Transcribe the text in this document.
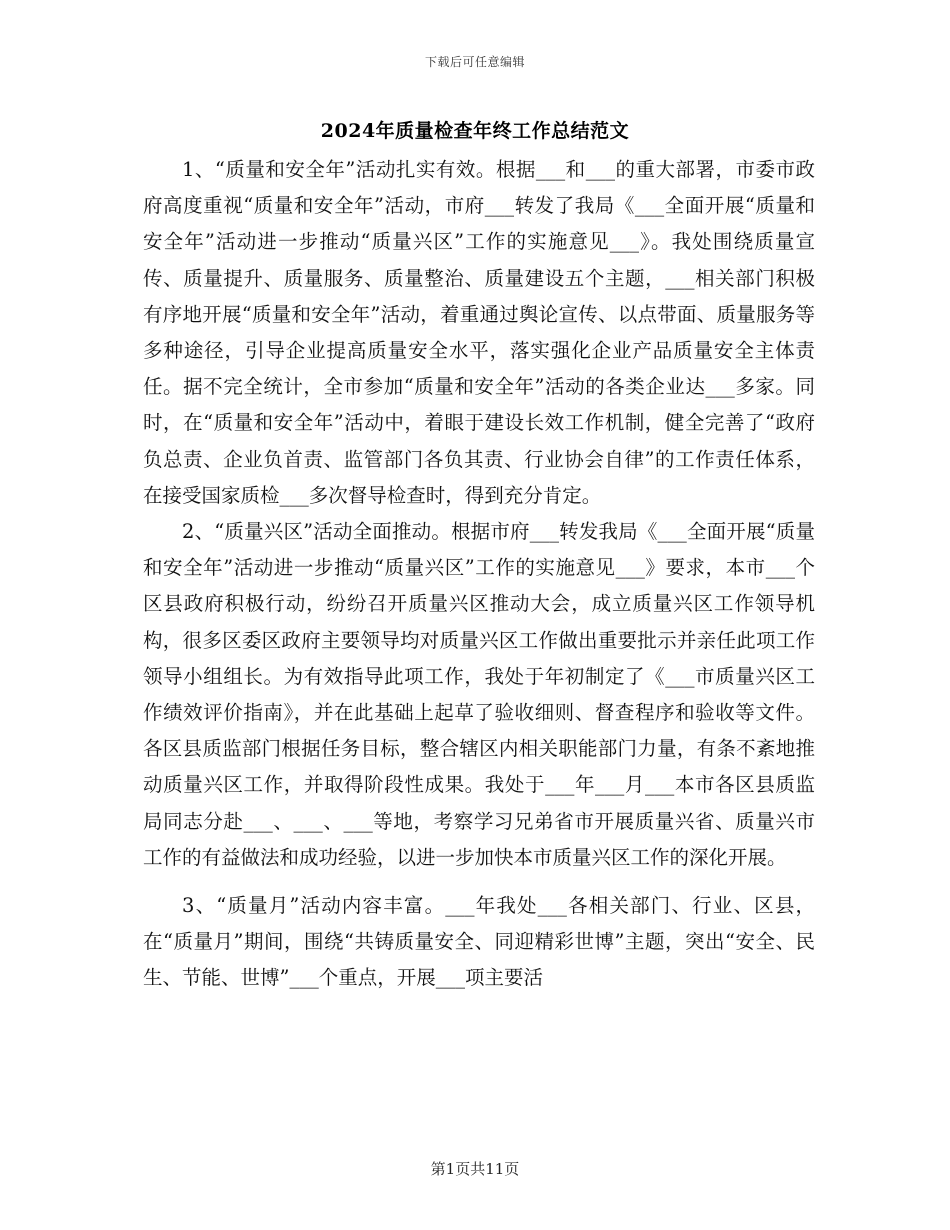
下载后可任意编辑
2024年质量检查年终工作总结范文

1、“质量和安全年”活动扎实有效。根据___和___的重大部署，市委市政府高度重视“质量和安全年”活动，市府___转发了我局《___全面开展“质量和安全年”活动进一步推动“质量兴区”工作的实施意见___》。我处围绕质量宣传、质量提升、质量服务、质量整治、质量建设五个主题，___相关部门积极有序地开展“质量和安全年”活动，着重通过舆论宣传、以点带面、质量服务等多种途径，引导企业提高质量安全水平，落实强化企业产品质量安全主体责任。据不完全统计，全市参加“质量和安全年”活动的各类企业达___多家。同时，在“质量和安全年”活动中，着眼于建设长效工作机制，健全完善了“政府负总责、企业负首责、监管部门各负其责、行业协会自律”的工作责任体系，在接受国家质检___多次督导检查时，得到充分肯定。

2、“质量兴区”活动全面推动。根据市府___转发我局《___全面开展“质量和安全年”活动进一步推动“质量兴区”工作的实施意见___》要求，本市___个区县政府积极行动，纷纷召开质量兴区推动大会，成立质量兴区工作领导机构，很多区委区政府主要领导均对质量兴区工作做出重要批示并亲任此项工作领导小组组长。为有效指导此项工作，我处于年初制定了《___市质量兴区工作绩效评价指南》，并在此基础上起草了验收细则、督查程序和验收等文件。各区县质监部门根据任务目标，整合辖区内相关职能部门力量，有条不紊地推动质量兴区工作，并取得阶段性成果。我处于___年___月___本市各区县质监局同志分赴___、___、___等地，考察学习兄弟省市开展质量兴省、质量兴市工作的有益做法和成功经验，以进一步加快本市质量兴区工作的深化开展。

3、“质量月”活动内容丰富。___年我处___各相关部门、行业、区县，在“质量月”期间，围绕“共铸质量安全、同迎精彩世博”主题，突出“安全、民生、节能、世博”___个重点，开展___项主要活

第1页共11页
